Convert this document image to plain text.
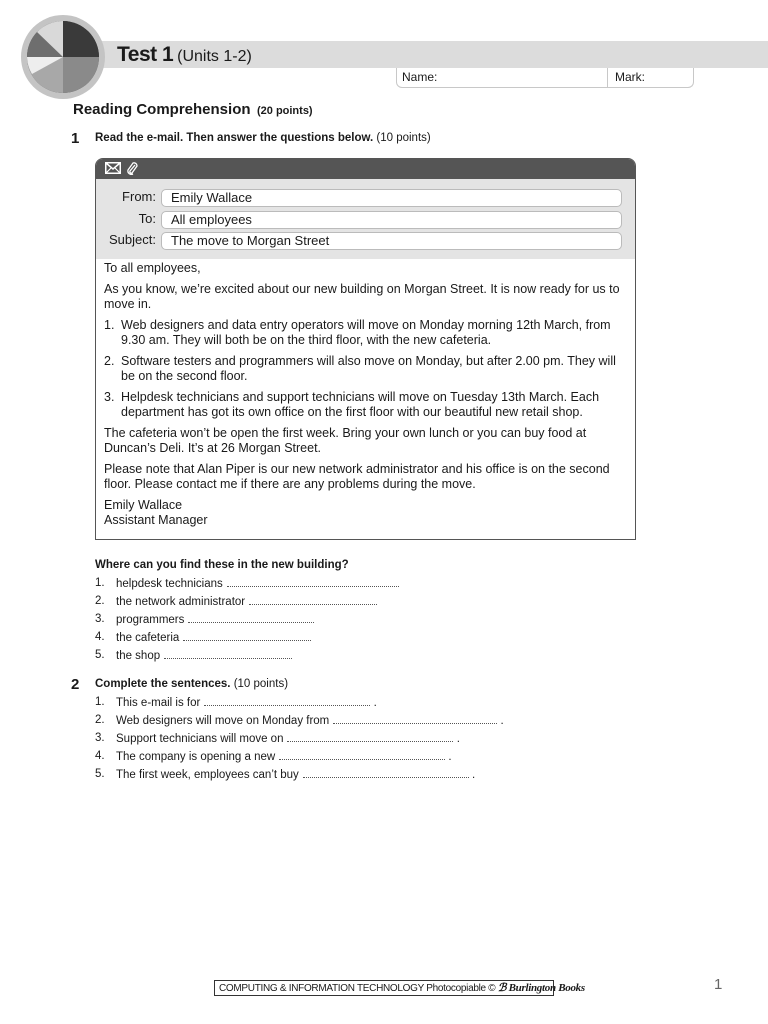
Test 1 (Units 1-2)
Name:	Mark:
Reading Comprehension (20 points)
1 Read the e-mail. Then answer the questions below. (10 points)
From:	Emily Wallace
To:	All employees
Subject:	The move to Morgan Street

To all employees,

As you know, we’re excited about our new building on Morgan Street. It is now ready for us to move in.

1. Web designers and data entry operators will move on Monday morning 12th March, from 9.30 am. They will both be on the third floor, with the new cafeteria.
2. Software testers and programmers will also move on Monday, but after 2.00 pm. They will be on the second floor.
3. Helpdesk technicians and support technicians will move on Tuesday 13th March. Each department has got its own office on the first floor with our beautiful new retail shop.

The cafeteria won’t be open the first week. Bring your own lunch or you can buy food at Duncan’s Deli. It’s at 26 Morgan Street.

Please note that Alan Piper is our new network administrator and his office is on the second floor. Please contact me if there are any problems during the move.

Emily Wallace
Assistant Manager
Where can you find these in the new building?
1. helpdesk technicians
2. the network administrator
3. programmers
4. the cafeteria
5. the shop
2 Complete the sentences. (10 points)
1. This e-mail is for	.
2. Web designers will move on Monday from	.
3. Support technicians will move on	.
4. The company is opening a new	.
5. The first week, employees can’t buy	.
COMPUTING & INFORMATION TECHNOLOGY Photocopiable © ℬ Burlington Books	1
